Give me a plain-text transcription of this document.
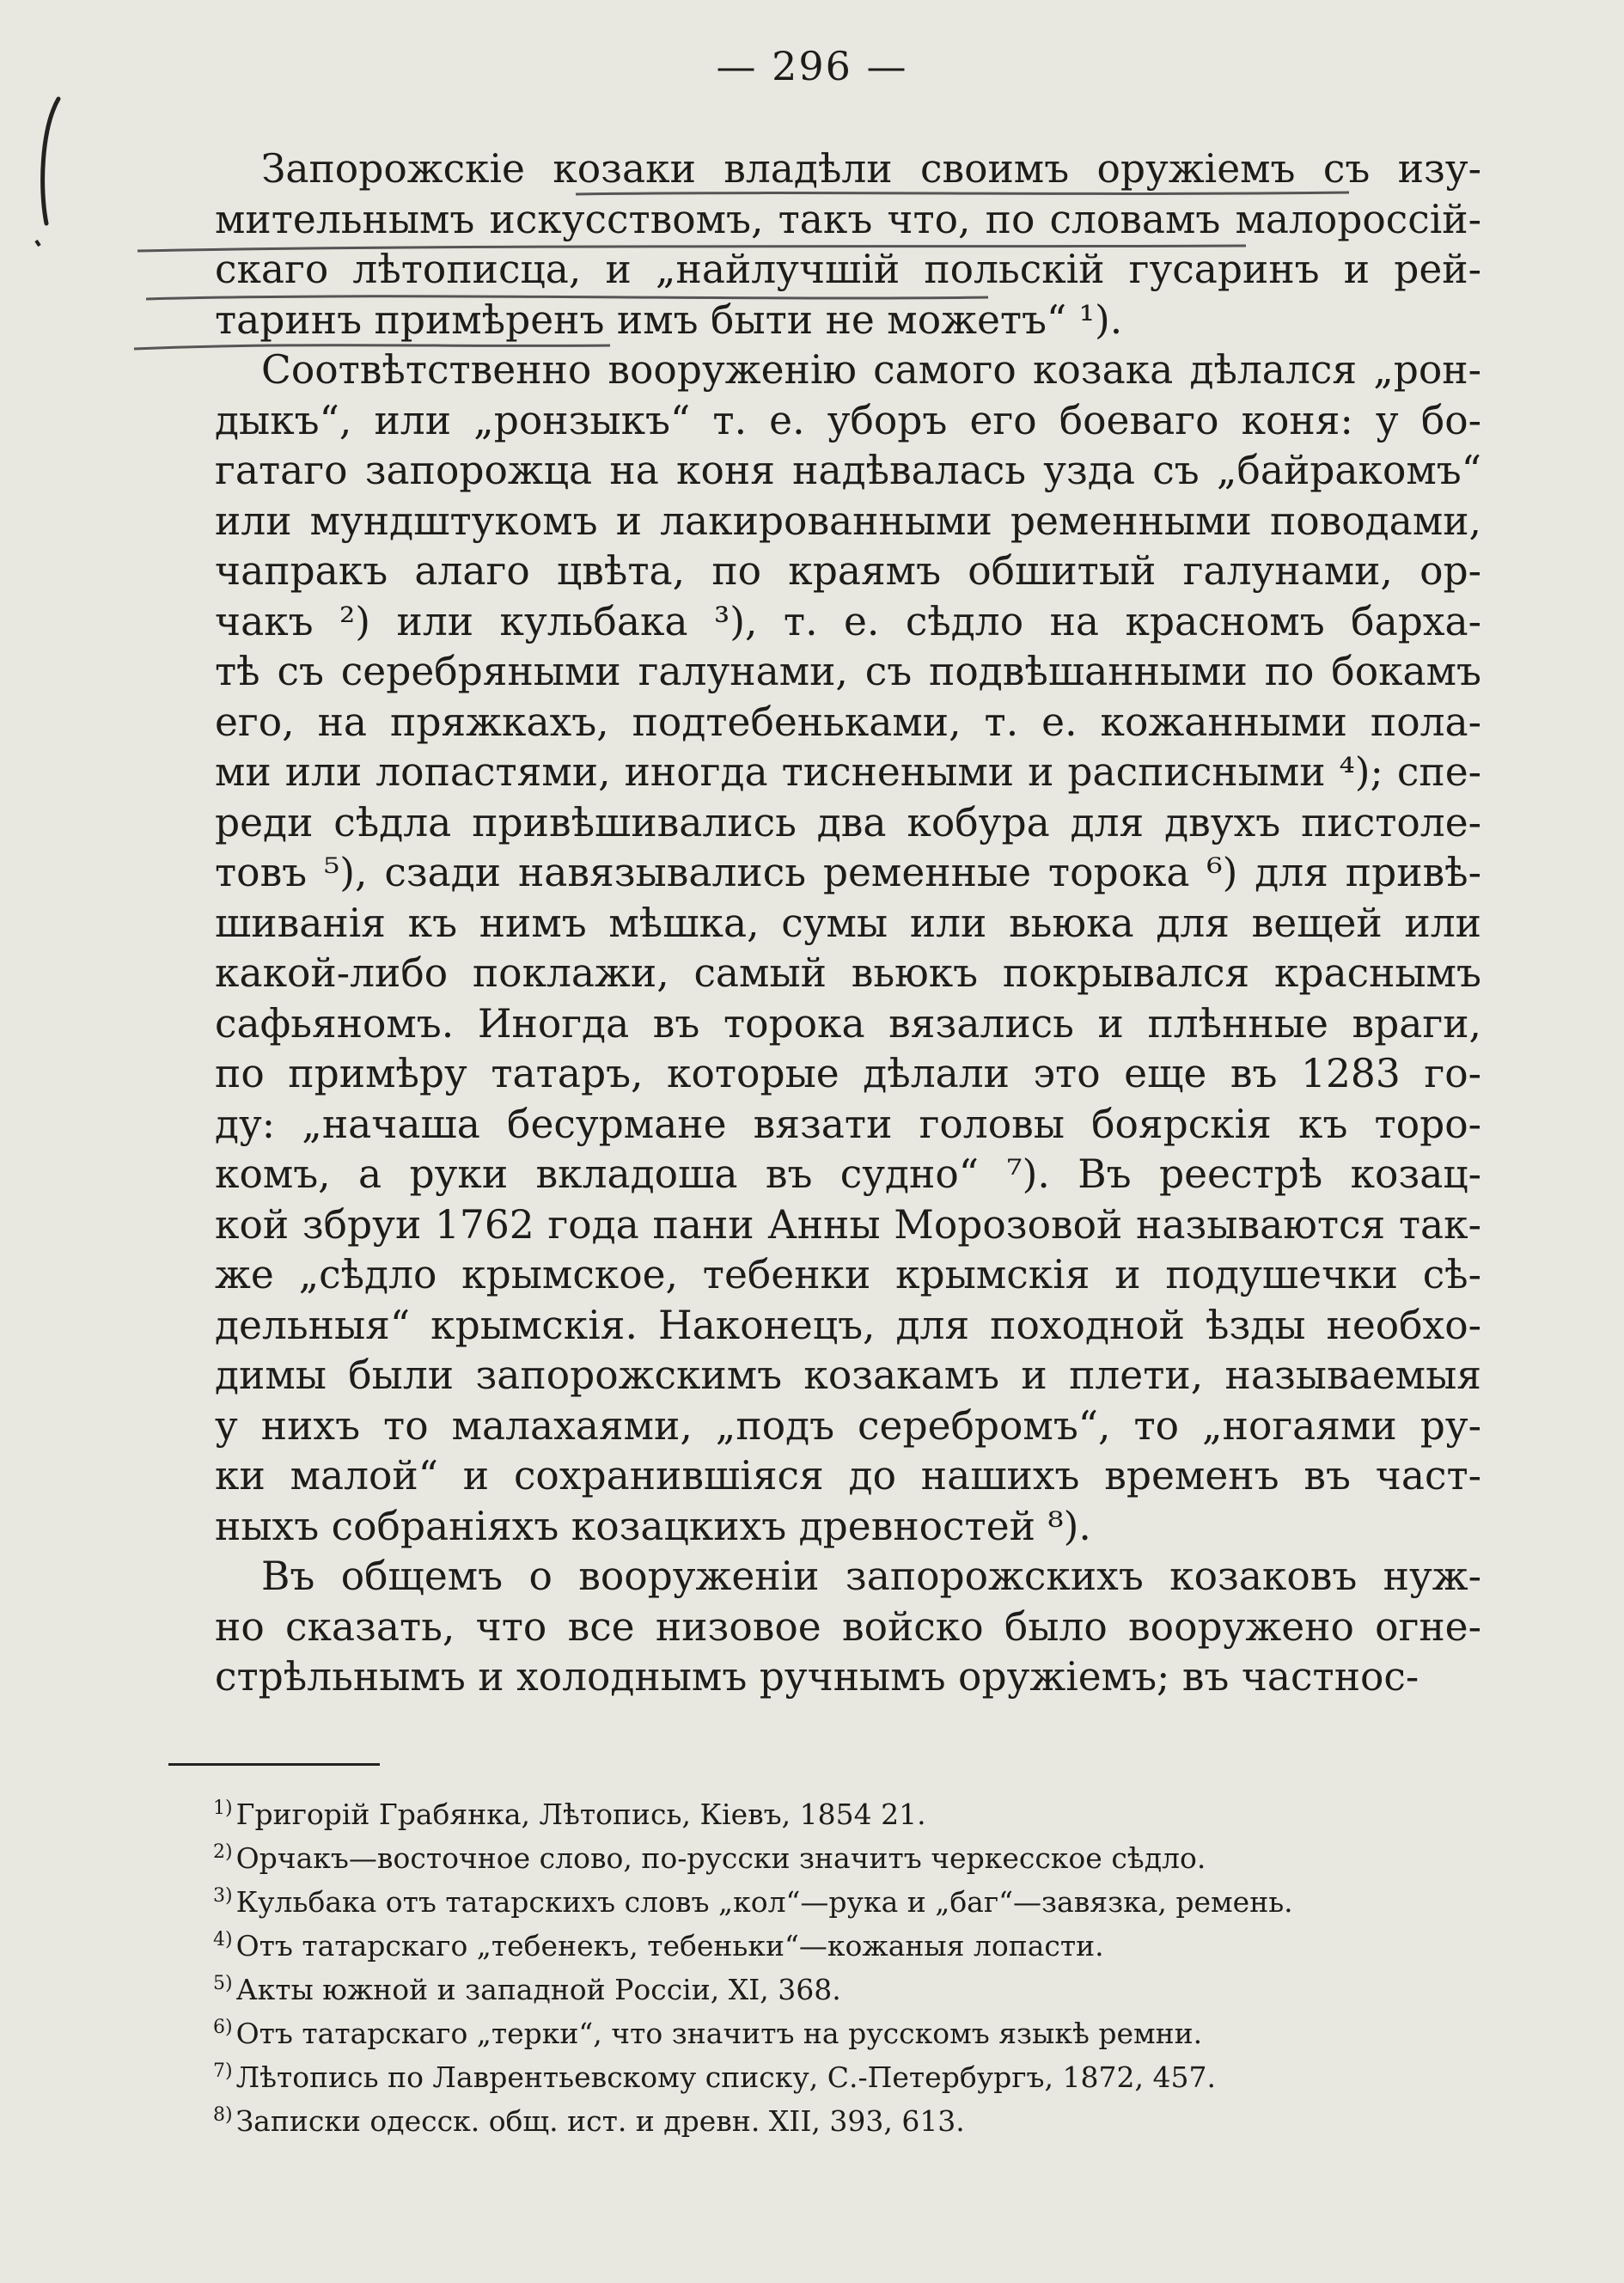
— 296 —
Запорожскіе козаки владѣли своимъ оружіемъ съ изу-
мительнымъ искусствомъ, такъ что, по словамъ малороссій-
скаго лѣтописца, и „найлучшій польскій гусаринъ и рей-
таринъ примѣренъ имъ быти не можетъ“ ¹).
Соотвѣтственно вооруженію самого козака дѣлался „рон-
дыкъ“, или „ронзыкъ“ т. е. уборъ его боеваго коня: у бо-
гатаго запорожца на коня надѣвалась узда съ „байракомъ“
или мундштукомъ и лакированными ременными поводами,
чапракъ алаго цвѣта, по краямъ обшитый галунами, ор-
чакъ ²) или кульбака ³), т. е. сѣдло на красномъ барха-
тѣ съ серебряными галунами, съ подвѣшанными по бокамъ
его, на пряжкахъ, подтебеньками, т. е. кожанными пола-
ми или лопастями, иногда тиснеными и расписными ⁴); спе-
реди сѣдла привѣшивались два кобура для двухъ пистоле-
товъ ⁵), сзади навязывались ременные торока ⁶) для привѣ-
шиванія къ нимъ мѣшка, сумы или вьюка для вещей или
какой-либо поклажи, самый вьюкъ покрывался краснымъ
сафьяномъ. Иногда въ торока вязались и плѣнные враги,
по примѣру татаръ, которые дѣлали это еще въ 1283 го-
ду: „начаша бесурмане вязати головы боярскія къ торо-
комъ, а руки вкладоша въ судно“ ⁷). Въ реестрѣ козац-
кой збруи 1762 года пани Анны Морозовой называются так-
же „сѣдло крымское, тебенки крымскія и подушечки сѣ-
дельныя“ крымскія. Наконецъ, для походной ѣзды необхо-
димы были запорожскимъ козакамъ и плети, называемыя
у нихъ то малахаями, „подъ серебромъ“, то „ногаями ру-
ки малой“ и сохранившіяся до нашихъ временъ въ част-
ныхъ собраніяхъ козацкихъ древностей ⁸).
Въ общемъ о вооруженіи запорожскихъ козаковъ нуж-
но сказать, что все низовое войско было вооружено огне-
стрѣльнымъ и холоднымъ ручнымъ оружіемъ; въ частнос-
$^{1)}$ Григорій Грабянка, Лѣтопись, Кіевъ, 1854 21.
$^{2)}$ Орчакъ—восточное слово, по-русски значитъ черкесское сѣдло.
$^{3)}$ Кульбака отъ татарскихъ словъ „кол“—рука и „баг“—завязка, ремень.
$^{4)}$ Отъ татарскаго „тебенекъ, тебеньки“—кожаныя лопасти.
$^{5)}$ Акты южной и западной Россіи, XI, 368.
$^{6)}$ Отъ татарскаго „терки“, что значитъ на русскомъ языкѣ ремни.
$^{7)}$ Лѣтопись по Лаврентьевскому списку, С.-Петербургъ, 1872, 457.
$^{8)}$ Записки одесск. общ. ист. и древн. XII, 393, 613.
